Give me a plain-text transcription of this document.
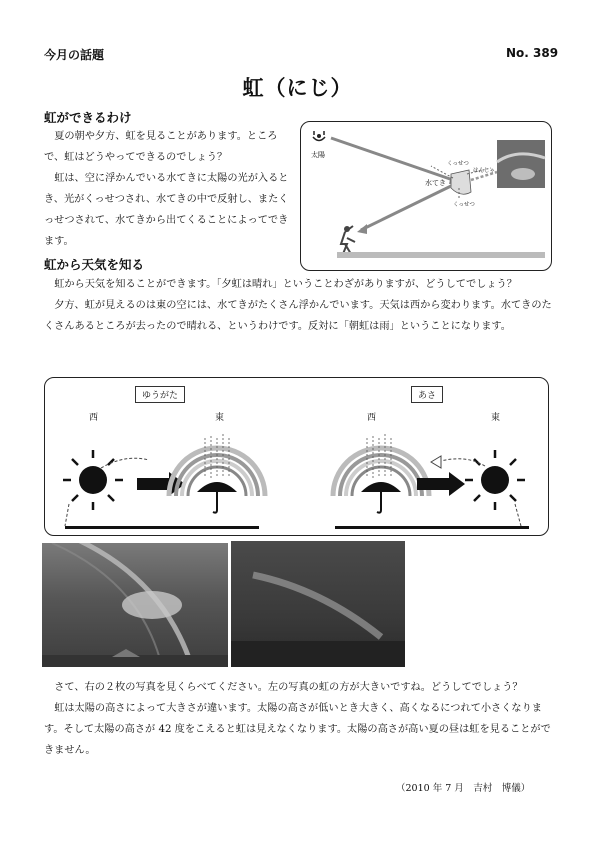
今月の話題	No. 389
虹（にじ）
虹ができるわけ

夏の朝や夕方、虹を見ることがあります。ところで、虹はどうやってできるのでしょう？

虹は、空に浮かんでいる水てきに太陽の光が入るとき、光がくっせつされ、水てきの中で反射し、またくっせつされて、水てきから出てくることによってできます。

太陽
水てき
くっせつ
はんしゃ
くっせつ
虹から天気を知る

虹から天気を知ることができます。「夕虹は晴れ」ということわざがありますが、どうしてでしょう？

夕方、虹が見えるのは東の空には、水てきがたくさん浮かんでいます。天気は西から変わります。水てきのたくさんあるところが去ったので晴れる、というわけです。反対に「朝虹は雨」ということになります。

ゆうがた
西	東
あさ
西	東

さて、右の２枚の写真を見くらべてください。左の写真の虹の方が大きいですね。どうしてでしょう？

虹は太陽の高さによって大きさが違います。太陽の高さが低いとき大きく、高くなるにつれて小さくなります。そして太陽の高さが 42 度をこえると虹は見えなくなります。太陽の高さが高い夏の昼は虹を見ることができません。

（2010 年 7 月　吉村　博儀）
